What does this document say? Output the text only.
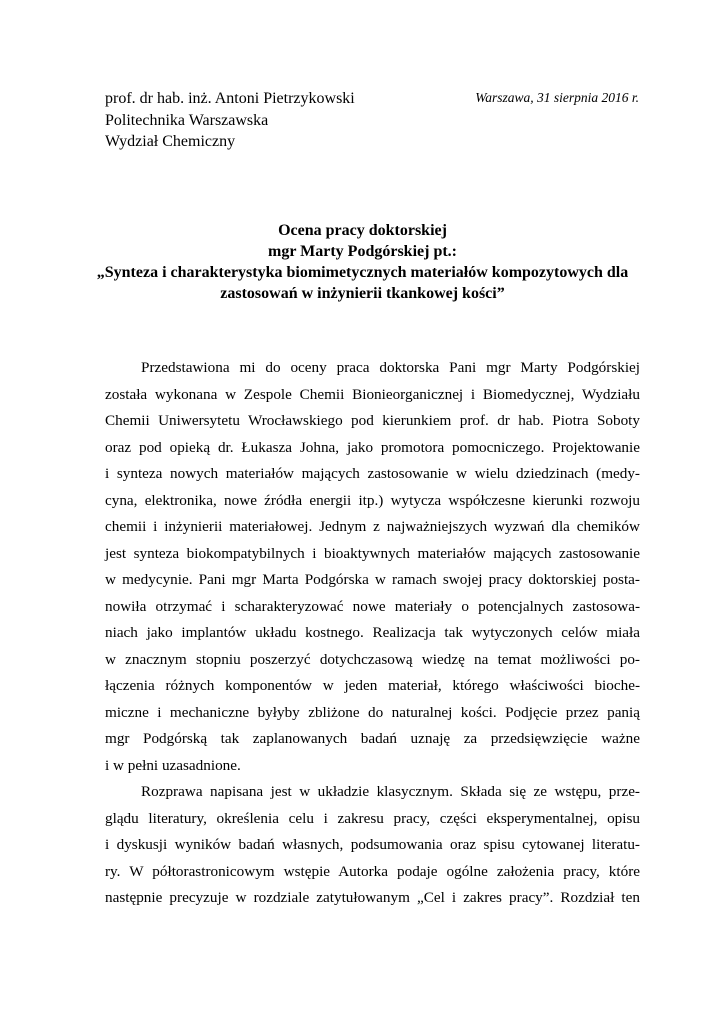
prof. dr hab. inż. Antoni Pietrzykowski
Politechnika Warszawska
Wydział Chemiczny
Warszawa, 31 sierpnia 2016 r.
Ocena pracy doktorskiej
mgr Marty Podgórskiej pt.:
„Synteza i charakterystyka biomimetycznych materiałów kompozytowych dla
zastosowań w inżynierii tkankowej kości”
Przedstawiona mi do oceny praca doktorska Pani mgr Marty Podgórskiej
została wykonana w Zespole Chemii Bionieorganicznej i Biomedycznej, Wydziału
Chemii Uniwersytetu Wrocławskiego pod kierunkiem prof. dr hab. Piotra Soboty
oraz pod opieką dr. Łukasza Johna, jako promotora pomocniczego. Projektowanie
i synteza nowych materiałów mających zastosowanie w wielu dziedzinach (medy-
cyna, elektronika, nowe źródła energii itp.) wytycza współczesne kierunki rozwoju
chemii i inżynierii materiałowej. Jednym z najważniejszych wyzwań dla chemików
jest synteza biokompatybilnych i bioaktywnych materiałów mających zastosowanie
w medycynie. Pani mgr Marta Podgórska w ramach swojej pracy doktorskiej posta-
nowiła otrzymać i scharakteryzować nowe materiały o potencjalnych zastosowa-
niach jako implantów układu kostnego. Realizacja tak wytyczonych celów miała
w znacznym stopniu poszerzyć dotychczasową wiedzę na temat możliwości po-
łączenia różnych komponentów w jeden materiał, którego właściwości bioche-
miczne i mechaniczne byłyby zbliżone do naturalnej kości. Podjęcie przez panią
mgr Podgórską tak zaplanowanych badań uznaję za przedsięwzięcie ważne
i w pełni uzasadnione.
Rozprawa napisana jest w układzie klasycznym. Składa się ze wstępu, prze-
glądu literatury, określenia celu i zakresu pracy, części eksperymentalnej, opisu
i dyskusji wyników badań własnych, podsumowania oraz spisu cytowanej literatu-
ry. W półtorastronicowym wstępie Autorka podaje ogólne założenia pracy, które
następnie precyzuje w rozdziale zatytułowanym „Cel i zakres pracy”. Rozdział ten
